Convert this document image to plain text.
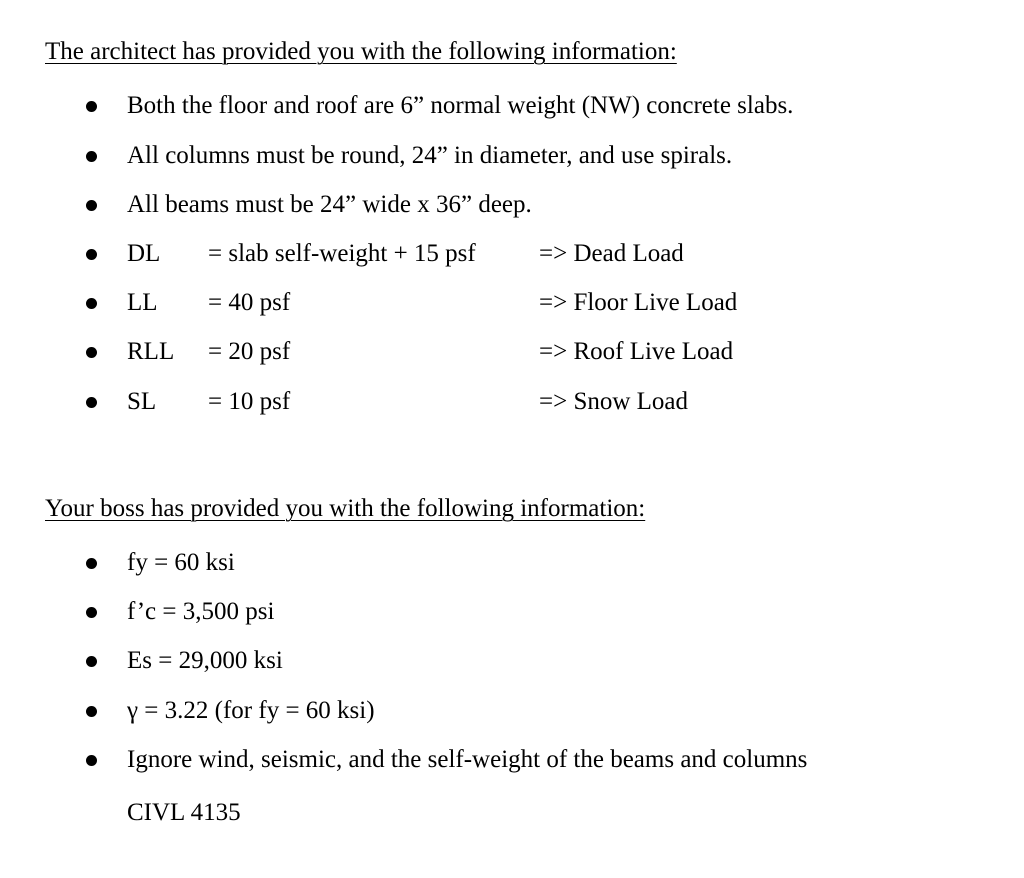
The architect has provided you with the following information:
Both the floor and roof are 6” normal weight (NW) concrete slabs.
All columns must be round, 24” in diameter, and use spirals.
All beams must be 24” wide x 36” deep.
DL = slab self-weight + 15 psf	=> Dead Load
LL = 40 psf	=> Floor Live Load
RLL = 20 psf	=> Roof Live Load
SL = 10 psf	=> Snow Load
Your boss has provided you with the following information:
fy = 60 ksi
f’c = 3,500 psi
Es = 29,000 ksi
γ = 3.22 (for fy = 60 ksi)
Ignore wind, seismic, and the self-weight of the beams and columns
CIVL 4135
